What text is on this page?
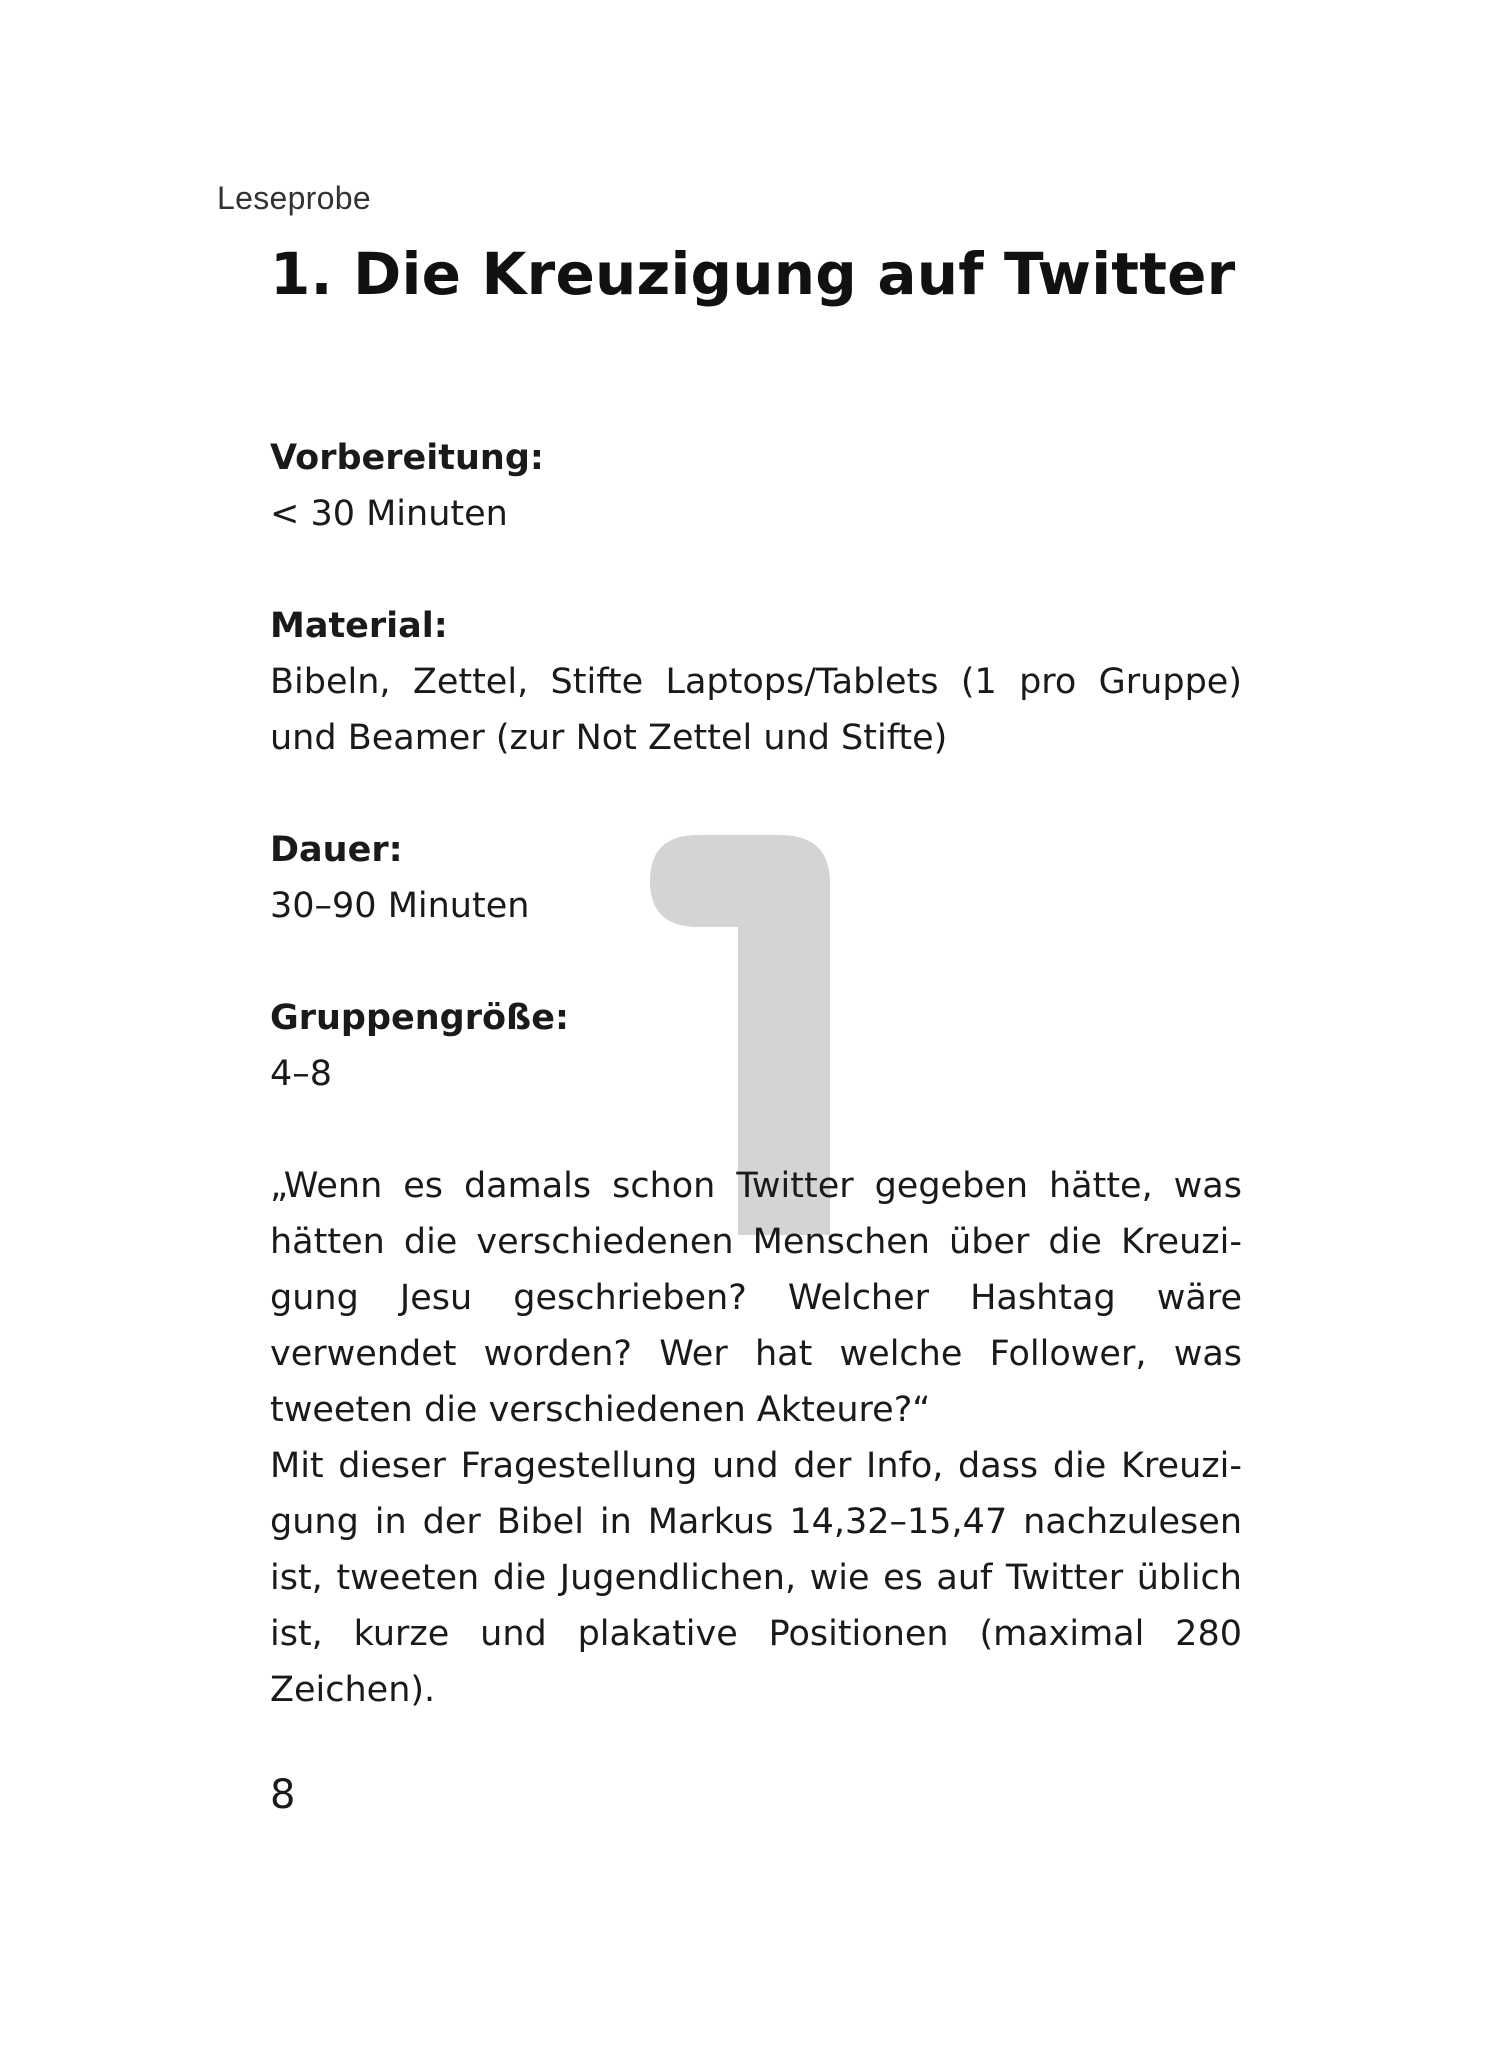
Leseprobe
1. Die Kreuzigung auf Twitter
Vorbereitung:
< 30 Minuten
Material:
Bibeln, Zettel, Stifte Laptops/Tablets (1 pro Gruppe) und Beamer (zur Not Zettel und Stifte)
Dauer:
30–90 Minuten
Gruppengröße:
4–8

„Wenn es damals schon Twitter gegeben hätte, was hätten die verschiedenen Menschen über die Kreuzigung Jesu geschrieben? Welcher Hashtag wäre verwendet worden? Wer hat welche Follower, was tweeten die verschiedenen Akteure?“

Mit dieser Fragestellung und der Info, dass die Kreuzigung in der Bibel in Markus 14,32–15,47 nachzulesen ist, tweeten die Jugendlichen, wie es auf Twitter üblich ist, kurze und plakative Positionen (maximal 280 Zeichen).

8
